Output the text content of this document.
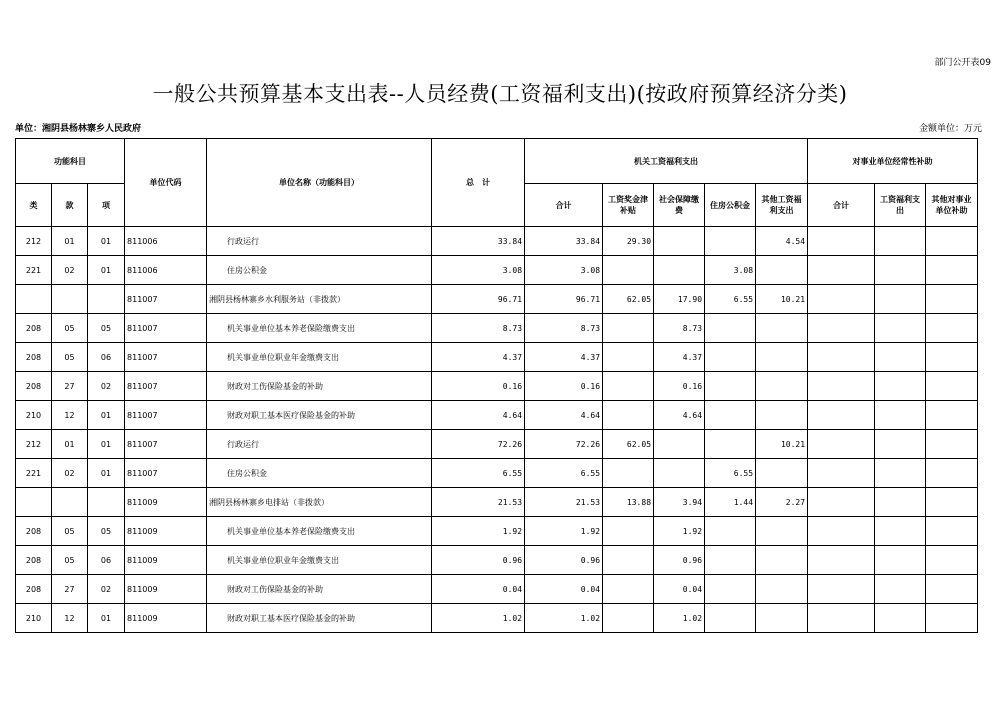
部门公开表09
一般公共预算基本支出表--人员经费(工资福利支出)(按政府预算经济分类)
单位：湘阴县杨林寨乡人民政府	金额单位：万元
功能科目			单位代码	单位名称（功能科目）	总　计	机关工资福利支出					对事业单位经常性补助		
类	款	项				合计	工资奖金津补贴	社会保障缴费	住房公积金	其他工资福利支出	合计	工资福利支出	其他对事业单位补助
212	01	01	811006	行政运行	33.84	33.84	29.30			4.54			
221	02	01	811006	住房公积金	3.08	3.08			3.08				
			811007	湘阴县杨林寨乡水利服务站（非拨款）	96.71	96.71	62.05	17.90	6.55	10.21			
208	05	05	811007	机关事业单位基本养老保险缴费支出	8.73	8.73		8.73					
208	05	06	811007	机关事业单位职业年金缴费支出	4.37	4.37		4.37					
208	27	02	811007	财政对工伤保险基金的补助	0.16	0.16		0.16					
210	12	01	811007	财政对职工基本医疗保险基金的补助	4.64	4.64		4.64					
212	01	01	811007	行政运行	72.26	72.26	62.05			10.21			
221	02	01	811007	住房公积金	6.55	6.55			6.55				
			811009	湘阴县杨林寨乡电排站（非拨款）	21.53	21.53	13.88	3.94	1.44	2.27			
208	05	05	811009	机关事业单位基本养老保险缴费支出	1.92	1.92		1.92					
208	05	06	811009	机关事业单位职业年金缴费支出	0.96	0.96		0.96					
208	27	02	811009	财政对工伤保险基金的补助	0.04	0.04		0.04					
210	12	01	811009	财政对职工基本医疗保险基金的补助	1.02	1.02		1.02					
